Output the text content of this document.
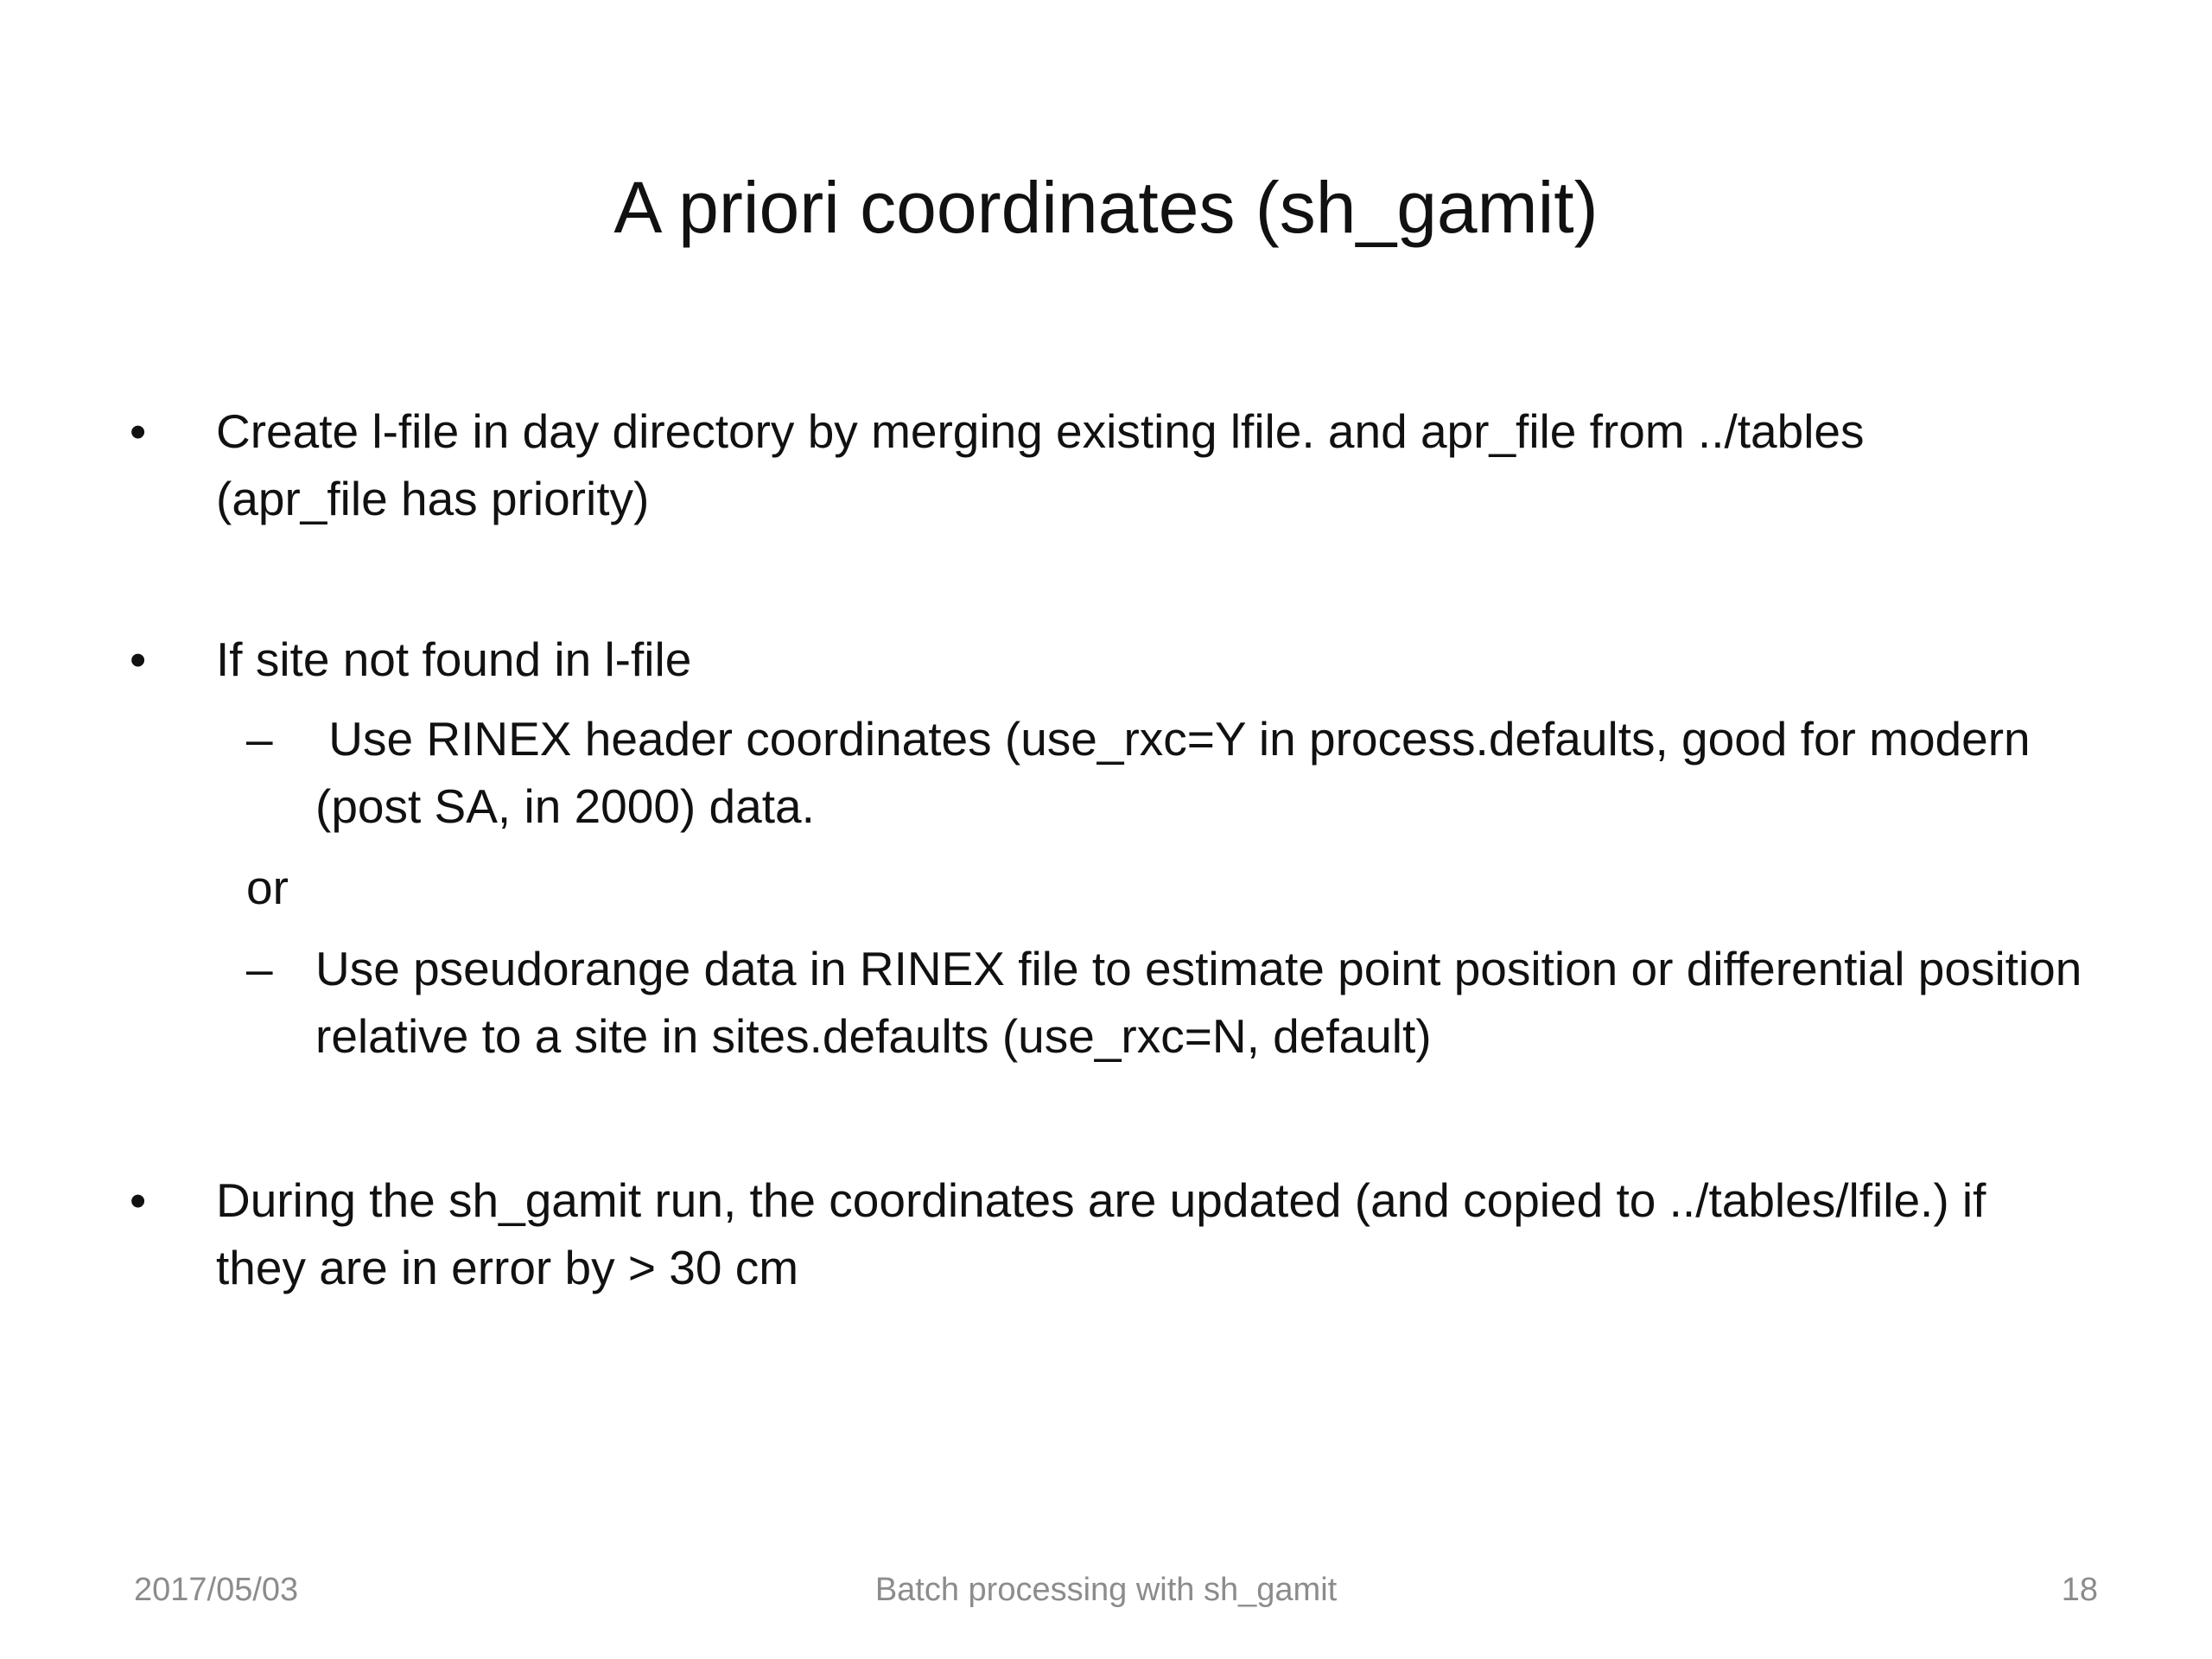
A priori coordinates (sh_gamit)
•	Create l-file in day directory by merging existing lfile. and apr_file from ../tables (apr_file has priority)
•	If site not found in l-file
– Use RINEX header coordinates (use_rxc=Y in process.defaults, good for modern (post SA, in 2000) data.
or
– Use pseudorange data in RINEX file to estimate point position or differential position relative to a site in sites.defaults (use_rxc=N, default)
•	During the sh_gamit run, the coordinates are updated (and copied to ../tables/lfile.) if they are in error by > 30 cm
2017/05/03	Batch processing with sh_gamit	18
